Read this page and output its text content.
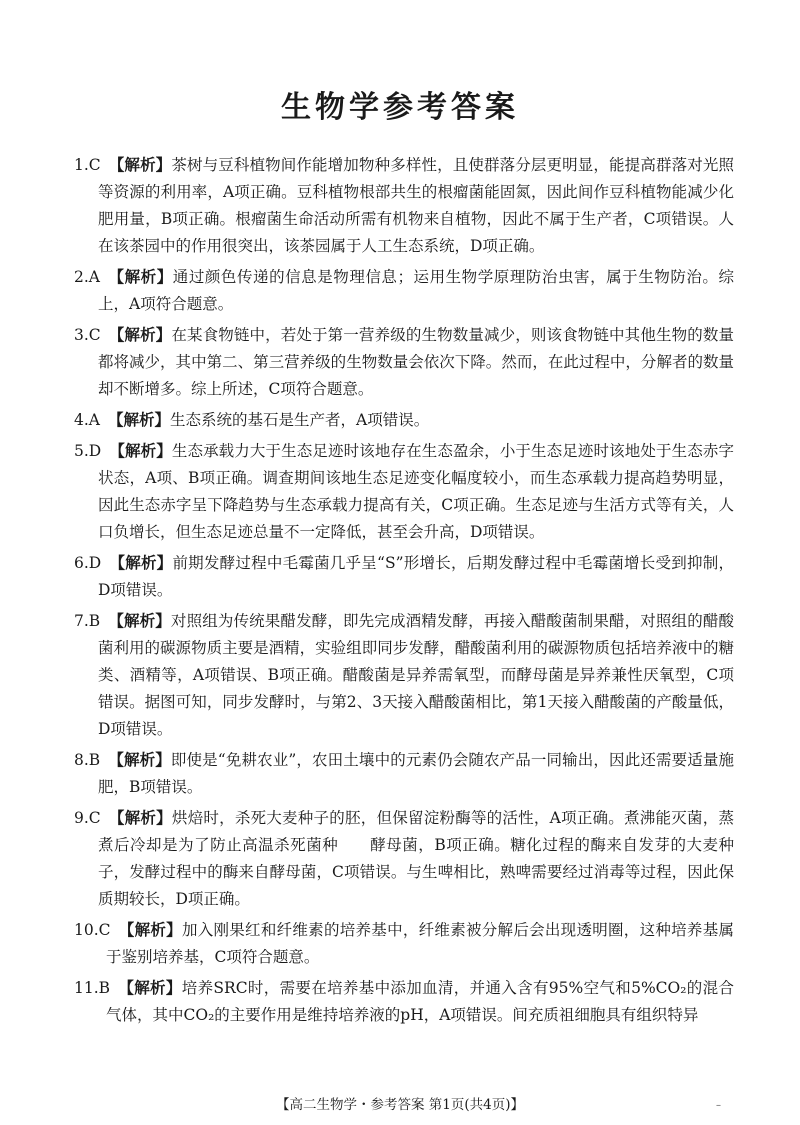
生物学参考答案
1.C 【解析】茶树与豆科植物间作能增加物种多样性，且使群落分层更明显，能提高群落对光照等资源的利用率，A项正确。豆科植物根部共生的根瘤菌能固氮，因此间作豆科植物能减少化肥用量，B项正确。根瘤菌生命活动所需有机物来自植物，因此不属于生产者，C项错误。人在该茶园中的作用很突出，该茶园属于人工生态系统，D项正确。
2.A 【解析】通过颜色传递的信息是物理信息；运用生物学原理防治虫害，属于生物防治。综上，A项符合题意。
3.C 【解析】在某食物链中，若处于第一营养级的生物数量减少，则该食物链中其他生物的数量都将减少，其中第二、第三营养级的生物数量会依次下降。然而，在此过程中，分解者的数量却不断增多。综上所述，C项符合题意。
4.A 【解析】生态系统的基石是生产者，A项错误。
5.D 【解析】生态承载力大于生态足迹时该地存在生态盈余，小于生态足迹时该地处于生态赤字状态，A项、B项正确。调查期间该地生态足迹变化幅度较小，而生态承载力提高趋势明显，因此生态赤字呈下降趋势与生态承载力提高有关，C项正确。生态足迹与生活方式等有关，人口负增长，但生态足迹总量不一定降低，甚至会升高，D项错误。
6.D 【解析】前期发酵过程中毛霉菌几乎呈“S”形增长，后期发酵过程中毛霉菌增长受到抑制，D项错误。
7.B 【解析】对照组为传统果醋发酵，即先完成酒精发酵，再接入醋酸菌制果醋，对照组的醋酸菌利用的碳源物质主要是酒精，实验组即同步发酵，醋酸菌利用的碳源物质包括培养液中的糖类、酒精等，A项错误、B项正确。醋酸菌是异养需氧型，而酵母菌是异养兼性厌氧型，C项错误。据图可知，同步发酵时，与第2、3天接入醋酸菌相比，第1天接入醋酸菌的产酸量低，D项错误。
8.B 【解析】即使是“免耕农业”，农田土壤中的元素仍会随农产品一同输出，因此还需要适量施肥，B项错误。
9.C 【解析】烘焙时，杀死大麦种子的胚，但保留淀粉酶等的活性，A项正确。煮沸能灭菌，蒸煮后冷却是为了防止高温杀死菌种　　酵母菌，B项正确。糖化过程的酶来自发芽的大麦种子，发酵过程中的酶来自酵母菌，C项错误。与生啤相比，熟啤需要经过消毒等过程，因此保质期较长，D项正确。
10.C 【解析】加入刚果红和纤维素的培养基中，纤维素被分解后会出现透明圈，这种培养基属于鉴别培养基，C项符合题意。
11.B 【解析】培养SRC时，需要在培养基中添加血清，并通入含有95%空气和5%CO₂的混合气体，其中CO₂的主要作用是维持培养液的pH，A项错误。间充质祖细胞具有组织特异
【高二生物学・参考答案 第1页(共4页)】	–
